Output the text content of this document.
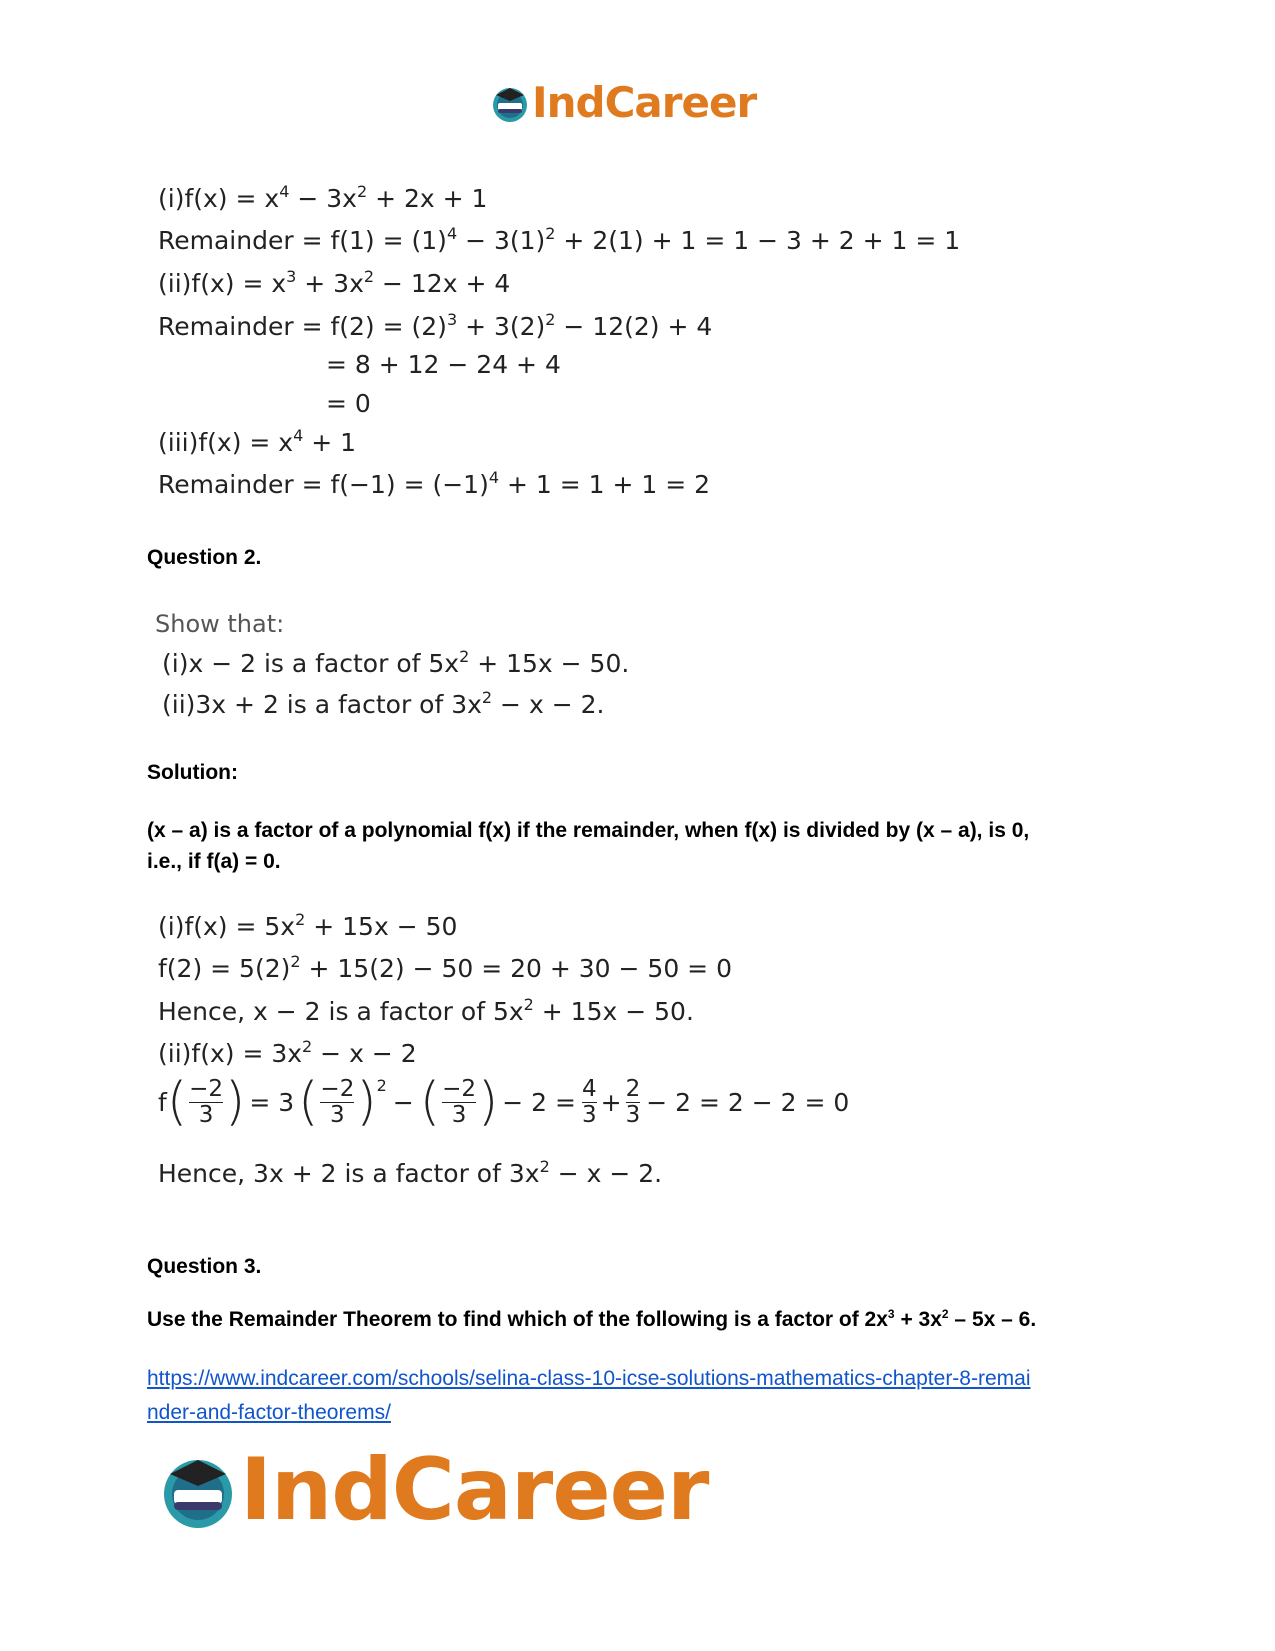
IndCareer
$(i)f(x) = x^4 - 3x^2 + 2x + 1$
Remainder = $f(1) = (1)^4 - 3(1)^2 + 2(1) + 1 = 1 - 3 + 2 + 1 = 1$
$(ii)f(x) = x^3 + 3x^2 - 12x + 4$
Remainder = $f(2) = (2)^3 + 3(2)^2 - 12(2) + 4$
= 8 + 12 − 24 + 4
= 0
$(iii)f(x) = x^4 + 1$
Remainder = $f(-1) = (-1)^4 + 1 = 1 + 1 = 2$
Question 2.
Show that:
(i)x − 2 is a factor of $5x^2 + 15x - 50$.
(ii)3x + 2 is a factor of $3x^2 - x - 2$.
Solution:
(x – a) is a factor of a polynomial f(x) if the remainder, when f(x) is divided by (x – a), is 0,
i.e., if f(a) = 0.
$(i)f(x) = 5x^2 + 15x - 50$
$f(2) = 5(2)^2 + 15(2) - 50 = 20 + 30 - 50 = 0$
Hence, x − 2 is a factor of $5x^2 + 15x - 50$.
$(ii)f(x) = 3x^2 - x - 2$
f ( $\frac{-2}{3}$ ) = 3 ( $\frac{-2}{3}$ ) 2
− ( $\frac{-2}{3}$ ) − $2 = \frac{4}{3} + \frac{2}{3} - 2 = 2 - 2 = 0$
Hence, 3x + 2 is a factor of $3x^2 - x - 2$.
Question 3.
Use the Remainder Theorem to find which of the following is a factor of $2x^3 + 3x^2 - 5x - 6$.
https://www.indcareer.com/schools/selina-class-10-icse-solutions-mathematics-chapter-8-remai
nder-and-factor-theorems/
IndCareer
